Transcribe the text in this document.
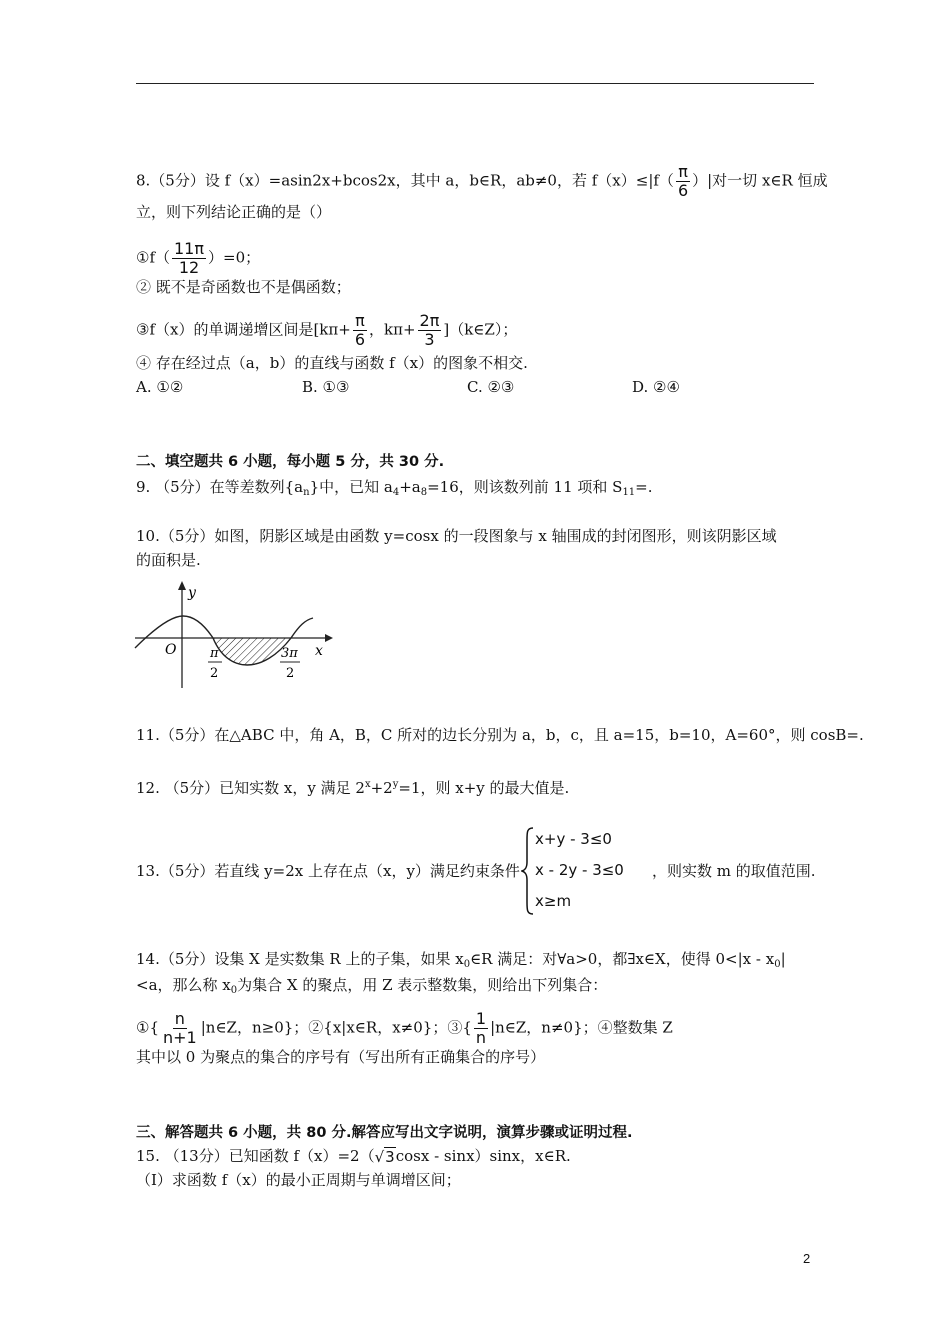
8.（5分）设 f（x）=asin2x+bcos2x，其中 a，b∈R，ab≠0，若 $f(x)\le|f( \frac{\pi}{6}$ ）|对一切 x∈R 恒成
立，则下列结论正确的是（）
①f（ $\frac{11\pi}{12} )=0$；
② 既不是奇函数也不是偶函数；
③f（x）的单调递增区间是[$k\pi+ \frac{\pi}{6}$ ，$k\pi+ \frac{2\pi}{3}$ ]（k∈Z）；
④ 存在经过点（a，b）的直线与函数 f（x）的图象不相交.
A. ①②	B. ①③	C. ②③	D. ②④
二、填空题共 6 小题，每小题 5 分，共 30 分.
9. （5分）在等差数列$\{a_n\}$中，已知 $a_4+a_8=16$，则该数列前 11 项和 $S_{11}=$.
10.（5分）如图，阴影区域是由函数 y=cosx 的一段图象与 x 轴围成的封闭图形，则该阴影区域
的面积是.
y
x
O	π
2
3π
2
11.（5分）在△ABC 中，角 A，B，C 所对的边长分别为 a，b，c，且 a=15，b=10，A=60°，则 cosB=.
12. （5分）已知实数 x，y 满足 $2^x+2^y=1$，则 x+y 的最大值是.
13.（5分）若直线 y=2x 上存在点（x，y）满足约束条件
x+y - 3≤0
x - 2y - 3≤0
x≥m
，则实数 m 的取值范围.
14.（5分）设集 X 是实数集 R 上的子集，如果 $x_0\in R$ 满足：对∀a>0，都∃x∈X，使得 $0<|x - x_0|$
<a，那么称 $x_0$为集合 X 的聚点，用 Z 表示整数集，则给出下列集合：
①{ $\frac{n}{n+1}$ |n∈Z，n≥0}；②{x|x∈R，x≠0}；③{ $\frac{1}{n}$ |n∈Z，n≠0}；④整数集 Z
其中以 0 为聚点的集合的序号有（写出所有正确集合的序号）
三、解答题共 6 小题，共 80 分.解答应写出文字说明，演算步骤或证明过程.
15. （13分）已知函数 f（x）=2（√3cosx - sinx）sinx，x∈R.
（Ⅰ）求函数 f（x）的最小正周期与单调增区间；
2
